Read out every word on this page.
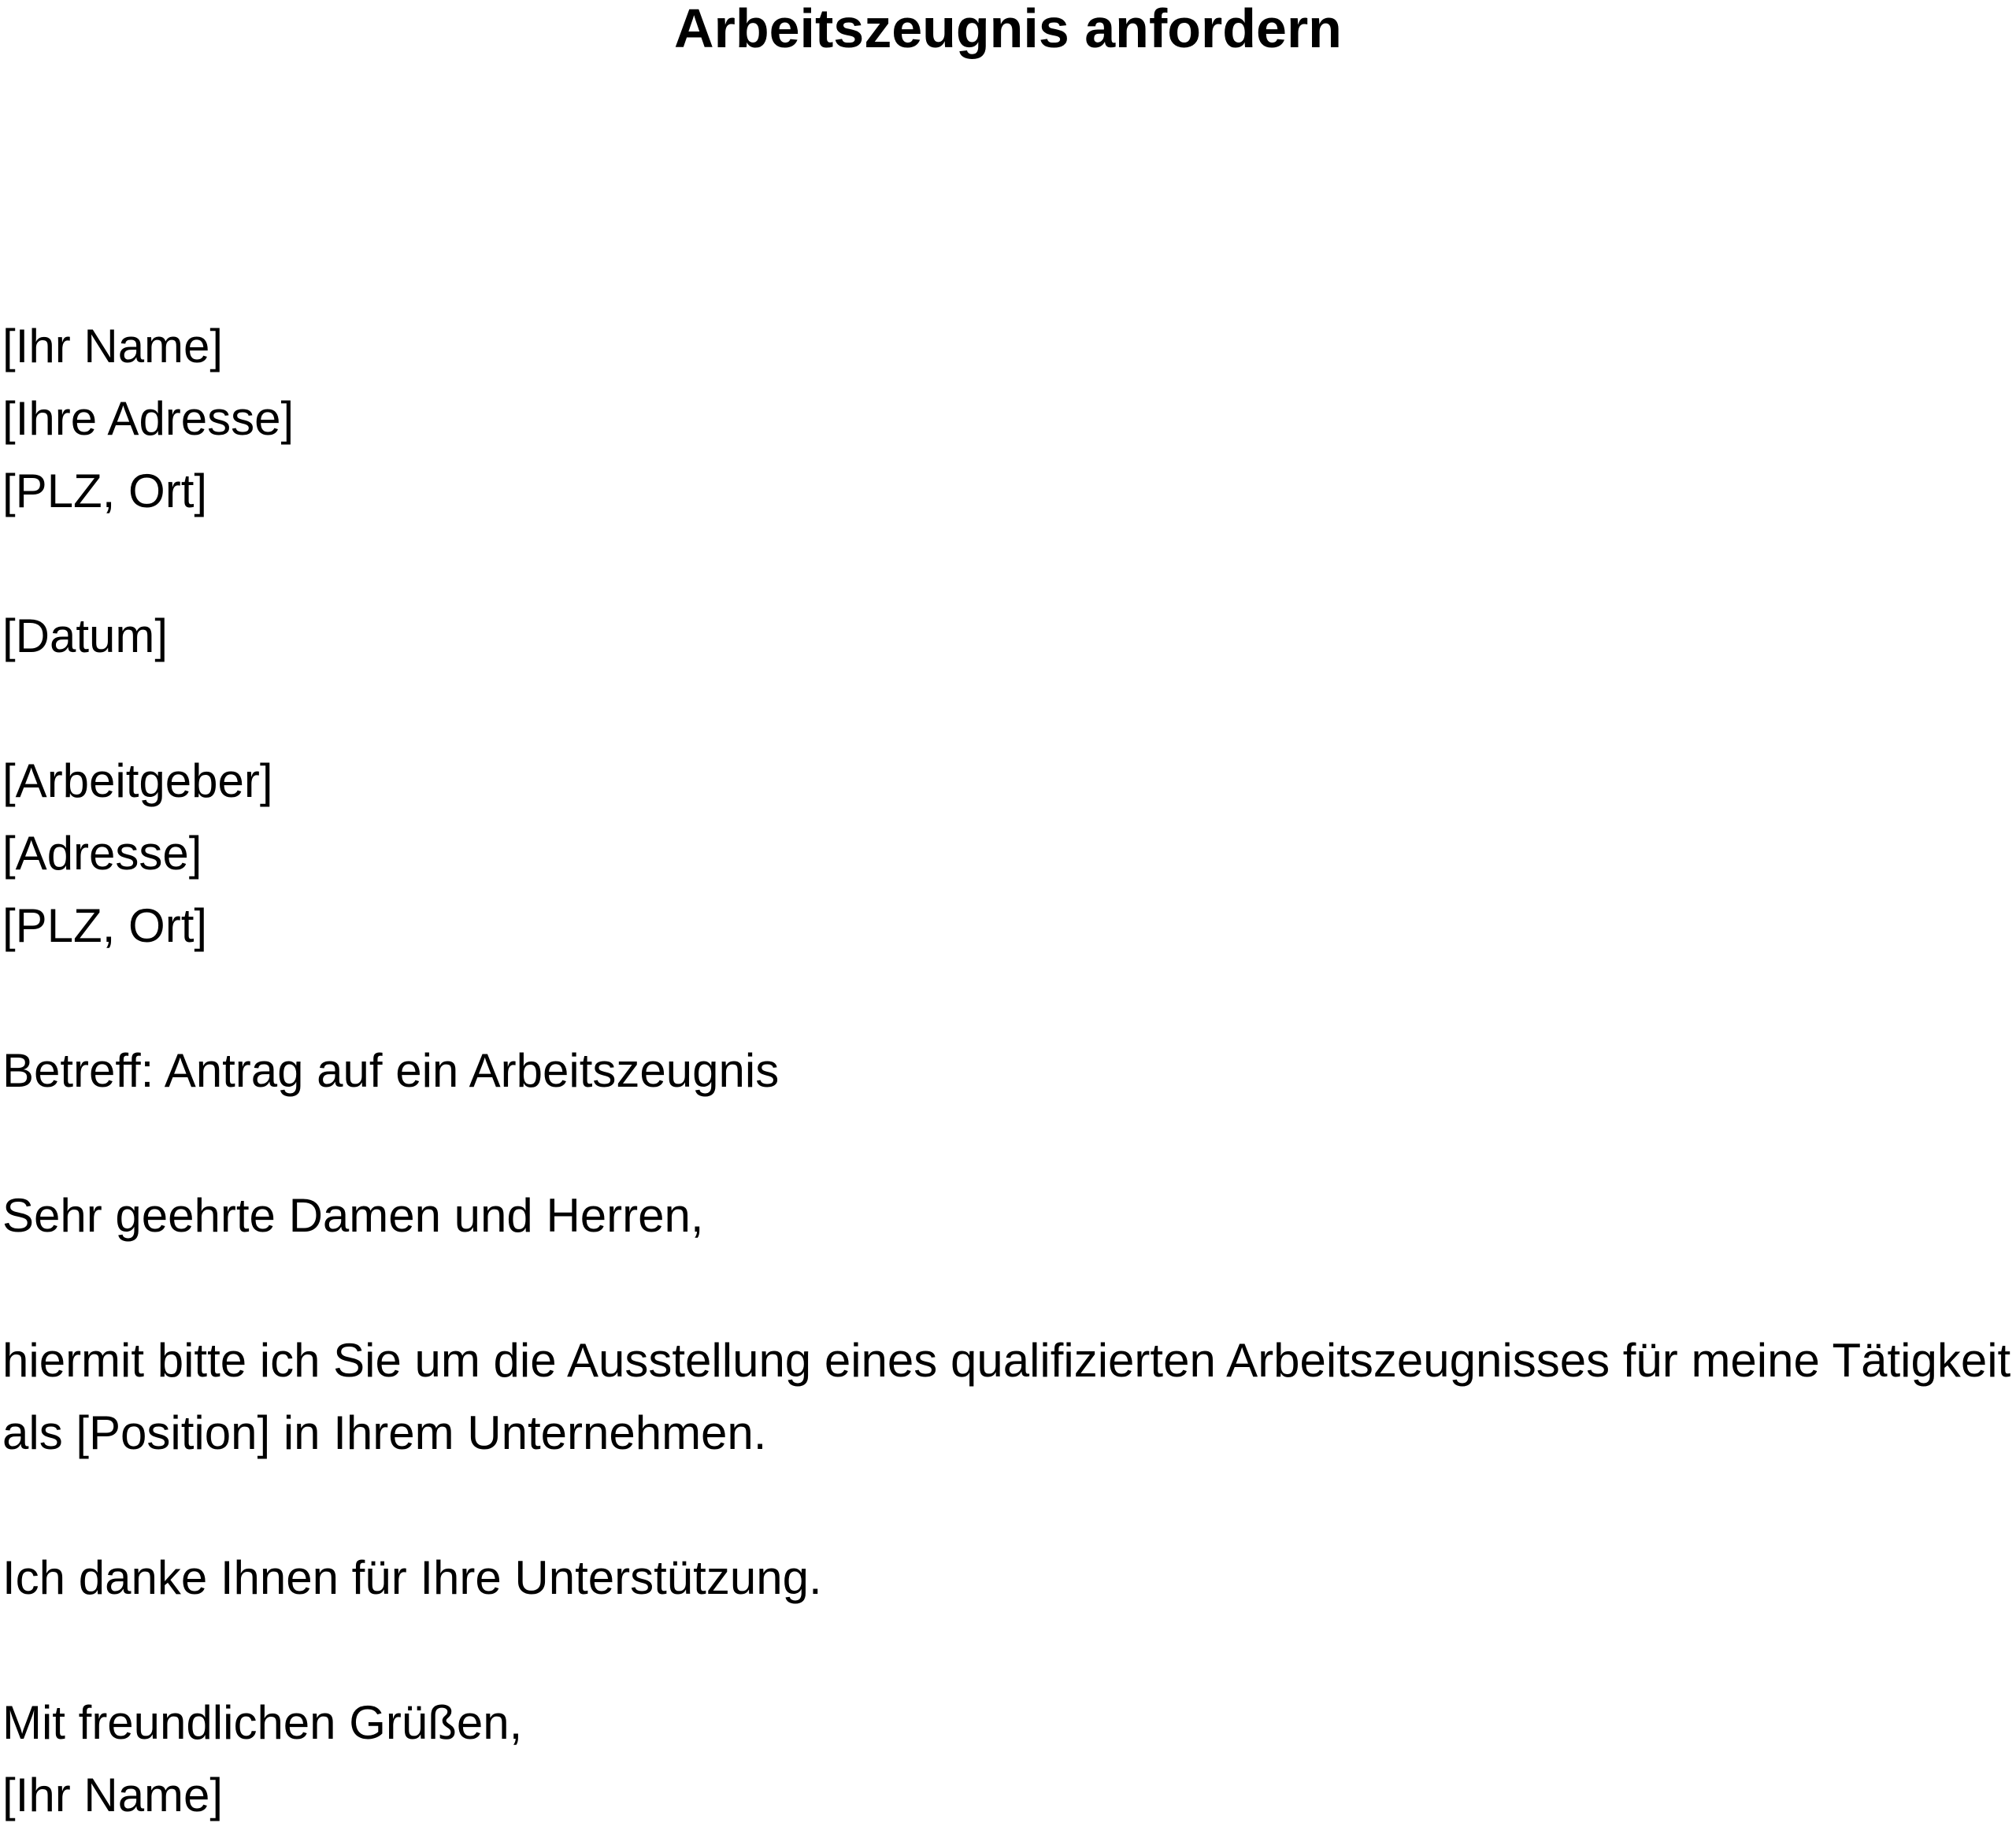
Arbeitszeugnis anfordern

[Ihr Name]

[Ihre Adresse]

[PLZ, Ort]

[Datum]

[Arbeitgeber]

[Adresse]

[PLZ, Ort]

Betreff: Antrag auf ein Arbeitszeugnis

Sehr geehrte Damen und Herren,

hiermit bitte ich Sie um die Ausstellung eines qualifizierten Arbeitszeugnisses für meine Tätigkeit

als [Position] in Ihrem Unternehmen.

Ich danke Ihnen für Ihre Unterstützung.

Mit freundlichen Grüßen,

[Ihr Name]
